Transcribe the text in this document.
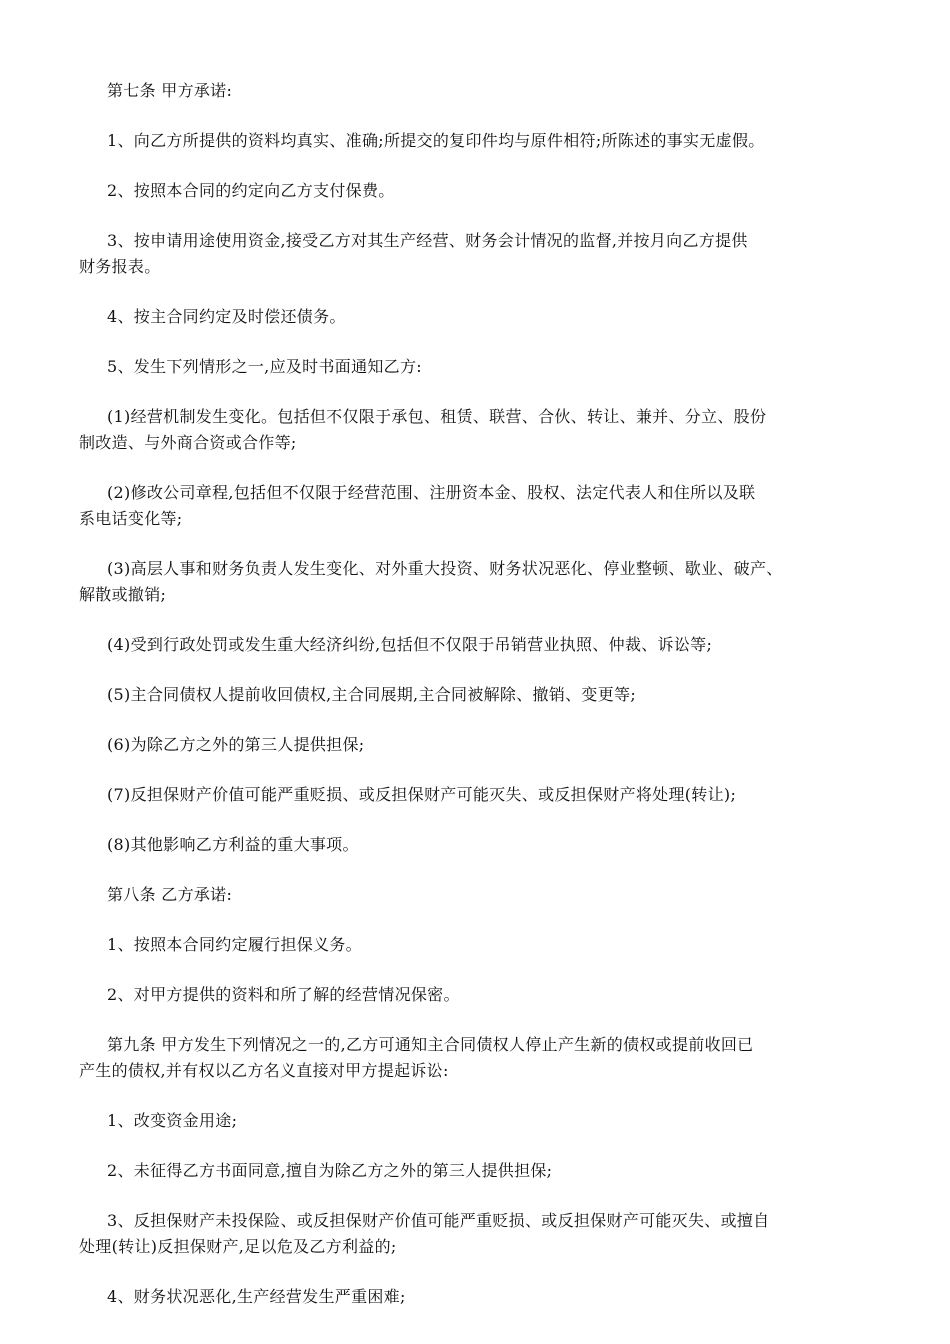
第七条 甲方承诺:
1、向乙方所提供的资料均真实、准确;所提交的复印件均与原件相符;所陈述的事实无虚假。
2、按照本合同的约定向乙方支付保费。
3、按申请用途使用资金,接受乙方对其生产经营、财务会计情况的监督,并按月向乙方提供
财务报表。
4、按主合同约定及时偿还债务。
5、发生下列情形之一,应及时书面通知乙方:
(1)经营机制发生变化。包括但不仅限于承包、租赁、联营、合伙、转让、兼并、分立、股份
制改造、与外商合资或合作等;
(2)修改公司章程,包括但不仅限于经营范围、注册资本金、股权、法定代表人和住所以及联
系电话变化等;
(3)高层人事和财务负责人发生变化、对外重大投资、财务状况恶化、停业整顿、歇业、破产、
解散或撤销;
(4)受到行政处罚或发生重大经济纠纷,包括但不仅限于吊销营业执照、仲裁、诉讼等;
(5)主合同债权人提前收回债权,主合同展期,主合同被解除、撤销、变更等;
(6)为除乙方之外的第三人提供担保;
(7)反担保财产价值可能严重贬损、或反担保财产可能灭失、或反担保财产将处理(转让);
(8)其他影响乙方利益的重大事项。
第八条 乙方承诺:
1、按照本合同约定履行担保义务。
2、对甲方提供的资料和所了解的经营情况保密。
第九条 甲方发生下列情况之一的,乙方可通知主合同债权人停止产生新的债权或提前收回已
产生的债权,并有权以乙方名义直接对甲方提起诉讼:
1、改变资金用途;
2、未征得乙方书面同意,擅自为除乙方之外的第三人提供担保;
3、反担保财产未投保险、或反担保财产价值可能严重贬损、或反担保财产可能灭失、或擅自
处理(转让)反担保财产,足以危及乙方利益的;
4、财务状况恶化,生产经营发生严重困难;
